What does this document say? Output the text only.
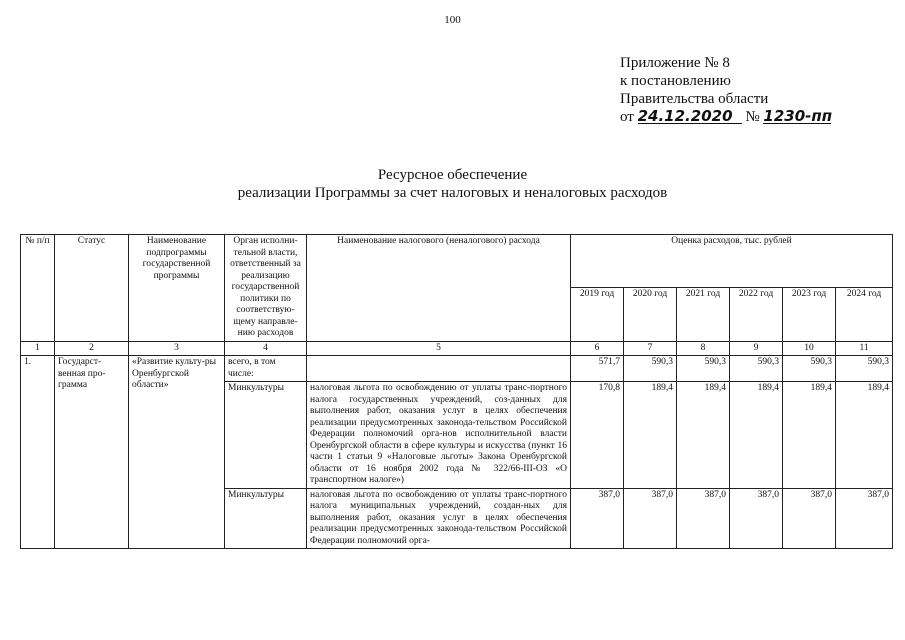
100
Приложение № 8
к постановлению
Правительства области
от 24.12.2020 № 1230-пп
Ресурсное обеспечение
реализации Программы за счет налоговых и неналоговых расходов
№ п/п	Статус	Наименование подпрограммы государственной программы	Орган исполни-тельной власти, ответственный за реализацию государственной политики по соответствую-щему направле-нию расходов	Наименование налогового (неналогового) расхода	Оценка расходов, тыс. рублей					
					2019 год	2020 год	2021 год	2022 год	2023 год	2024 год
1	2	3	4	5	6	7	8	9	10	11
1.	Государст-венная про-грамма	«Развитие культу-ры Оренбургской области»	всего, в том числе:		571,7	590,3	590,3	590,3	590,3	590,3
			Минкультуры	налоговая льгота по освобождению от уплаты транс-портного налога государственных учреждений, соз-данных для выполнения работ, оказания услуг в целях обеспечения реализации предусмотренных законода-тельством Российской Федерации полномочий орга-нов исполнительной власти Оренбургской области в сфере культуры и искусства (пункт 16 части 1 статьи 9 «Налоговые льготы» Закона Оренбургской области от 16 ноября 2002 года № 322/66-III-ОЗ «О транспортном налоге»)	170,8	189,4	189,4	189,4	189,4	189,4
			Минкультуры	налоговая льгота по освобождению от уплаты транс-портного налога муниципальных учреждений, создан-ных для выполнения работ, оказания услуг в целях обеспечения реализации предусмотренных законода-тельством Российской Федерации полномочий орга-	387,0	387,0	387,0	387,0	387,0	387,0
